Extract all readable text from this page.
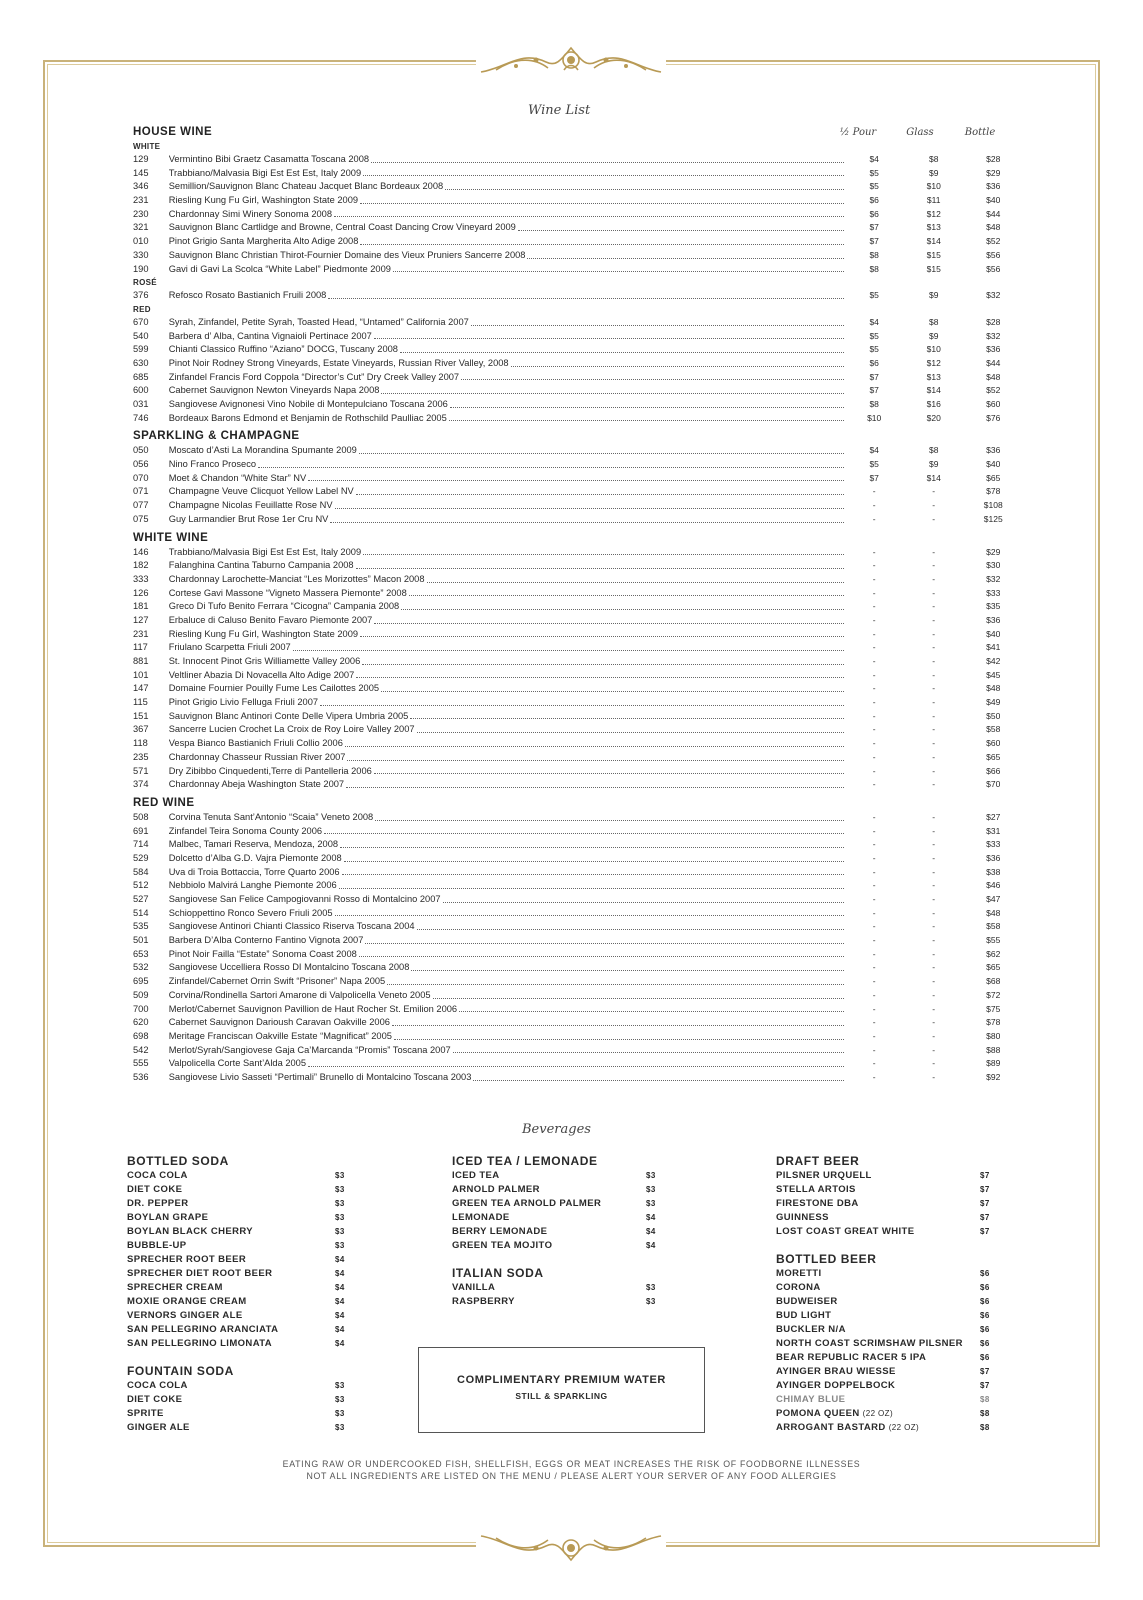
Wine List
½ Pour	Glass	Bottle
HOUSE WINE
WHITE
129	Vermintino Bibi Graetz Casamatta Toscana 2008	$4	$8	$28
145	Trabbiano/Malvasia Bigi Est Est Est, Italy 2009	$5	$9	$29
346	Semillion/Sauvignon Blanc Chateau Jacquet Blanc Bordeaux 2008	$5	$10	$36
231	Riesling Kung Fu Girl, Washington State 2009	$6	$11	$40
230	Chardonnay Simi Winery Sonoma 2008	$6	$12	$44
321	Sauvignon Blanc Cartlidge and Browne, Central Coast Dancing Crow Vineyard 2009	$7	$13	$48
010	Pinot Grigio Santa Margherita Alto Adige 2008	$7	$14	$52
330	Sauvignon Blanc Christian Thirot-Fournier Domaine des Vieux Pruniers Sancerre 2008	$8	$15	$56
190	Gavi di Gavi La Scolca “White Label” Piedmonte 2009	$8	$15	$56
ROSÉ
376	Refosco Rosato Bastianich Fruili 2008	$5	$9	$32
RED
670	Syrah, Zinfandel, Petite Syrah, Toasted Head, “Untamed” California 2007	$4	$8	$28
540	Barbera d’ Alba, Cantina Vignaioli Pertinace 2007	$5	$9	$32
599	Chianti Classico Ruffino “Aziano” DOCG, Tuscany 2008	$5	$10	$36
630	Pinot Noir Rodney Strong Vineyards, Estate Vineyards, Russian River Valley, 2008	$6	$12	$44
685	Zinfandel Francis Ford Coppola “Director’s Cut” Dry Creek Valley 2007	$7	$13	$48
600	Cabernet Sauvignon Newton Vineyards Napa 2008	$7	$14	$52
031	Sangiovese Avignonesi Vino Nobile di Montepulciano Toscana 2006	$8	$16	$60
746	Bordeaux Barons Edmond et Benjamin de Rothschild Paulliac 2005	$10	$20	$76
SPARKLING & CHAMPAGNE
050	Moscato d’Asti La Morandina Spumante 2009	$4	$8	$36
056	Nino Franco Proseco	$5	$9	$40
070	Moet & Chandon “White Star” NV	$7	$14	$65
071	Champagne Veuve Clicquot Yellow Label NV	-	-	$78
077	Champagne Nicolas Feuillatte Rose NV	-	-	$108
075	Guy Larmandier Brut Rose 1er Cru NV	-	-	$125
WHITE WINE
146	Trabbiano/Malvasia Bigi Est Est Est, Italy 2009	-	-	$29
182	Falanghina Cantina Taburno Campania 2008	-	-	$30
333	Chardonnay Larochette-Manciat “Les Morizottes” Macon 2008	-	-	$32
126	Cortese Gavi Massone “Vigneto Massera Piemonte” 2008	-	-	$33
181	Greco Di Tufo Benito Ferrara “Cicogna” Campania 2008	-	-	$35
127	Erbaluce di Caluso Benito Favaro Piemonte 2007	-	-	$36
231	Riesling Kung Fu Girl, Washington State 2009	-	-	$40
117	Friulano Scarpetta Friuli 2007	-	-	$41
881	St. Innocent Pinot Gris Williamette Valley 2006	-	-	$42
101	Veltliner Abazia Di Novacella Alto Adige 2007	-	-	$45
147	Domaine Fournier Pouilly Fume Les Cailottes 2005	-	-	$48
115	Pinot Grigio Livio Felluga Friuli 2007	-	-	$49
151	Sauvignon Blanc Antinori Conte Delle Vipera Umbria 2005	-	-	$50
367	Sancerre Lucien Crochet La Croix de Roy Loire Valley 2007	-	-	$58
118	Vespa Bianco Bastianich Friuli Collio 2006	-	-	$60
235	Chardonnay Chasseur Russian River 2007	-	-	$65
571	Dry Zibibbo Cinquedenti,Terre di Pantelleria 2006	-	-	$66
374	Chardonnay Abeja Washington State 2007	-	-	$70
RED WINE
508	Corvina Tenuta Sant’Antonio “Scaia” Veneto 2008	-	-	$27
691	Zinfandel Teira Sonoma County 2006	-	-	$31
714	Malbec, Tamari Reserva, Mendoza, 2008	-	-	$33
529	Dolcetto d’Alba G.D. Vajra Piemonte 2008	-	-	$36
584	Uva di Troia Bottaccia, Torre Quarto 2006	-	-	$38
512	Nebbiolo Malvirá Langhe Piemonte 2006	-	-	$46
527	Sangiovese San Felice Campogiovanni Rosso di Montalcino 2007	-	-	$47
514	Schioppettino Ronco Severo Friuli 2005	-	-	$48
535	Sangiovese Antinori Chianti Classico Riserva Toscana 2004	-	-	$58
501	Barbera D’Alba Conterno Fantino Vignota 2007	-	-	$55
653	Pinot Noir Failla “Estate” Sonoma Coast 2008	-	-	$62
532	Sangiovese Uccelliera Rosso DI Montalcino Toscana 2008	-	-	$65
695	Zinfandel/Cabernet Orrin Swift “Prisoner” Napa 2005	-	-	$68
509	Corvina/Rondinella Sartori Amarone di Valpolicella Veneto 2005	-	-	$72
700	Merlot/Cabernet Sauvignon Pavillion de Haut Rocher St. Emilion 2006	-	-	$75
620	Cabernet Sauvignon Darioush Caravan Oakville 2006	-	-	$78
698	Meritage Franciscan Oakville Estate “Magnificat” 2005	-	-	$80
542	Merlot/Syrah/Sangiovese Gaja Ca’Marcanda “Promis” Toscana 2007	-	-	$88
555	Valpolicella Corte Sant’Alda 2005	-	-	$89
536	Sangiovese Livio Sasseti “Pertimali” Brunello di Montalcino Toscana 2003	-	-	$92
Beverages
BOTTLED SODA
COCA COLA	$3
DIET COKE	$3
DR. PEPPER	$3
BOYLAN GRAPE	$3
BOYLAN BLACK CHERRY	$3
BUBBLE-UP	$3
SPRECHER ROOT BEER	$4
SPRECHER DIET ROOT BEER	$4
SPRECHER CREAM	$4
MOXIE ORANGE CREAM	$4
VERNORS GINGER ALE	$4
SAN PELLEGRINO ARANCIATA	$4
SAN PELLEGRINO LIMONATA	$4
FOUNTAIN SODA
COCA COLA	$3
DIET COKE	$3
SPRITE	$3
GINGER ALE	$3
ICED TEA / LEMONADE
ICED TEA	$3
ARNOLD PALMER	$3
GREEN TEA ARNOLD PALMER	$3
LEMONADE	$4
BERRY LEMONADE	$4
GREEN TEA MOJITO	$4
ITALIAN SODA
VANILLA	$3
RASPBERRY	$3
DRAFT BEER
PILSNER URQUELL	$7
STELLA ARTOIS	$7
FIRESTONE DBA	$7
GUINNESS	$7
LOST COAST GREAT WHITE	$7
BOTTLED BEER
MORETTI	$6
CORONA	$6
BUDWEISER	$6
BUD LIGHT	$6
BUCKLER N/A	$6
NORTH COAST SCRIMSHAW PILSNER	$6
BEAR REPUBLIC RACER 5 IPA	$6
AYINGER BRAU WIESSE	$7
AYINGER DOPPELBOCK	$7
CHIMAY BLUE	$8
POMONA QUEEN (22 OZ)	$8
ARROGANT BASTARD (22 OZ)	$8
COMPLIMENTARY PREMIUM WATER
STILL & SPARKLING
EATING RAW OR UNDERCOOKED FISH, SHELLFISH, EGGS OR MEAT INCREASES THE RISK OF FOODBORNE ILLNESSES
NOT ALL INGREDIENTS ARE LISTED ON THE MENU / PLEASE ALERT YOUR SERVER OF ANY FOOD ALLERGIES
